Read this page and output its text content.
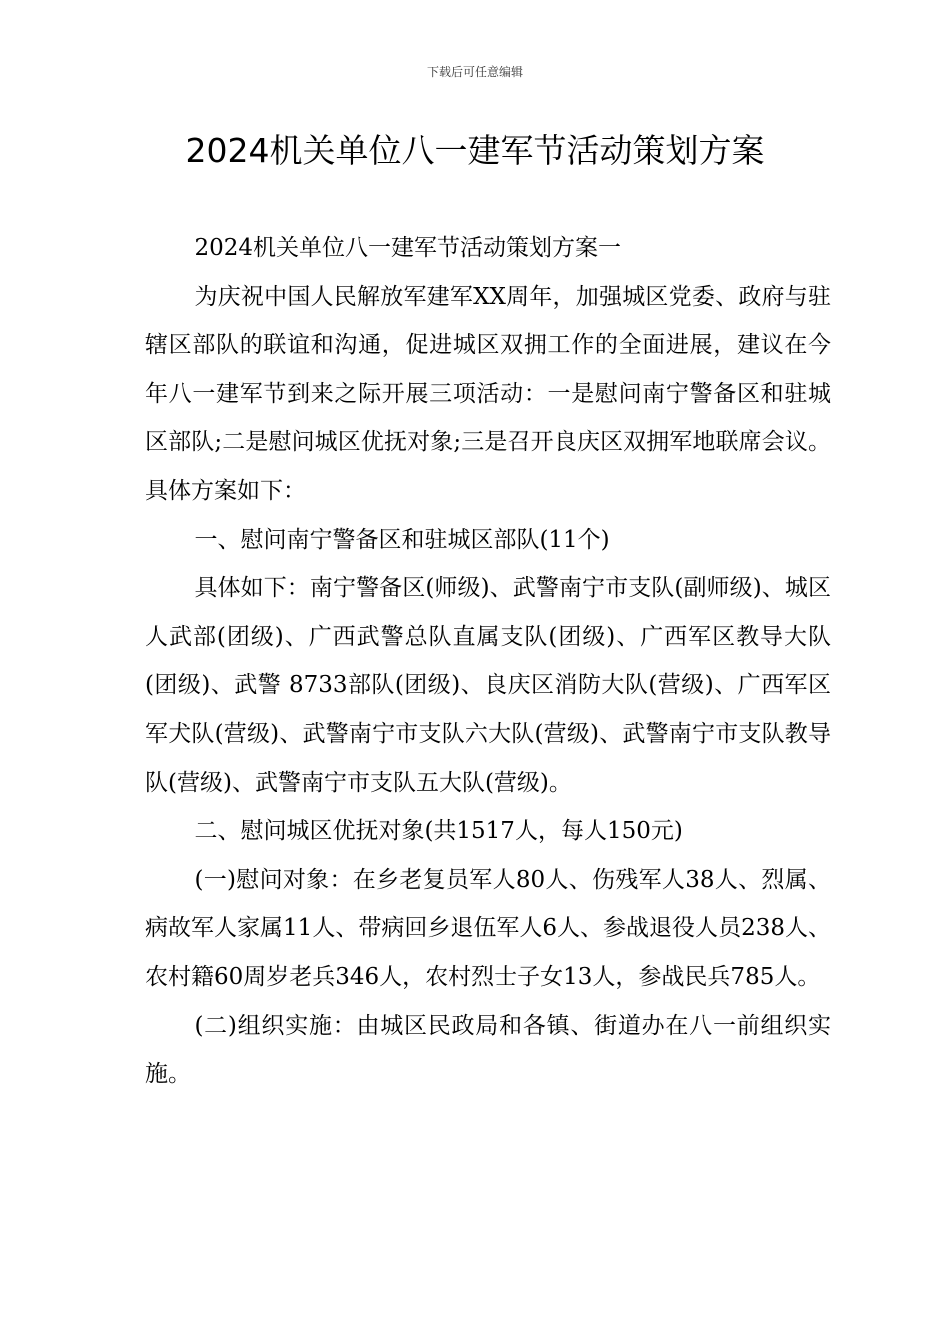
下载后可任意编辑
2024机关单位八一建军节活动策划方案

2024机关单位八一建军节活动策划方案一

为庆祝中国人民解放军建军XX周年，加强城区党委、政府与驻辖区部队的联谊和沟通，促进城区双拥工作的全面进展，建议在今年八一建军节到来之际开展三项活动：一是慰问南宁警备区和驻城区部队;二是慰问城区优抚对象;三是召开良庆区双拥军地联席会议。具体方案如下：

一、慰问南宁警备区和驻城区部队(11个)

具体如下：南宁警备区(师级)、武警南宁市支队(副师级)、城区人武部(团级)、广西武警总队直属支队(团级)、广西军区教导大队(团级)、武警 8733部队(团级)、良庆区消防大队(营级)、广西军区军犬队(营级)、武警南宁市支队六大队(营级)、武警南宁市支队教导队(营级)、武警南宁市支队五大队(营级)。

二、慰问城区优抚对象(共1517人，每人150元)

(一)慰问对象：在乡老复员军人80人、伤残军人38人、烈属、病故军人家属11人、带病回乡退伍军人6人、参战退役人员238人、农村籍60周岁老兵346人，农村烈士子女13人，参战民兵785人。

(二)组织实施：由城区民政局和各镇、街道办在八一前组织实施。
